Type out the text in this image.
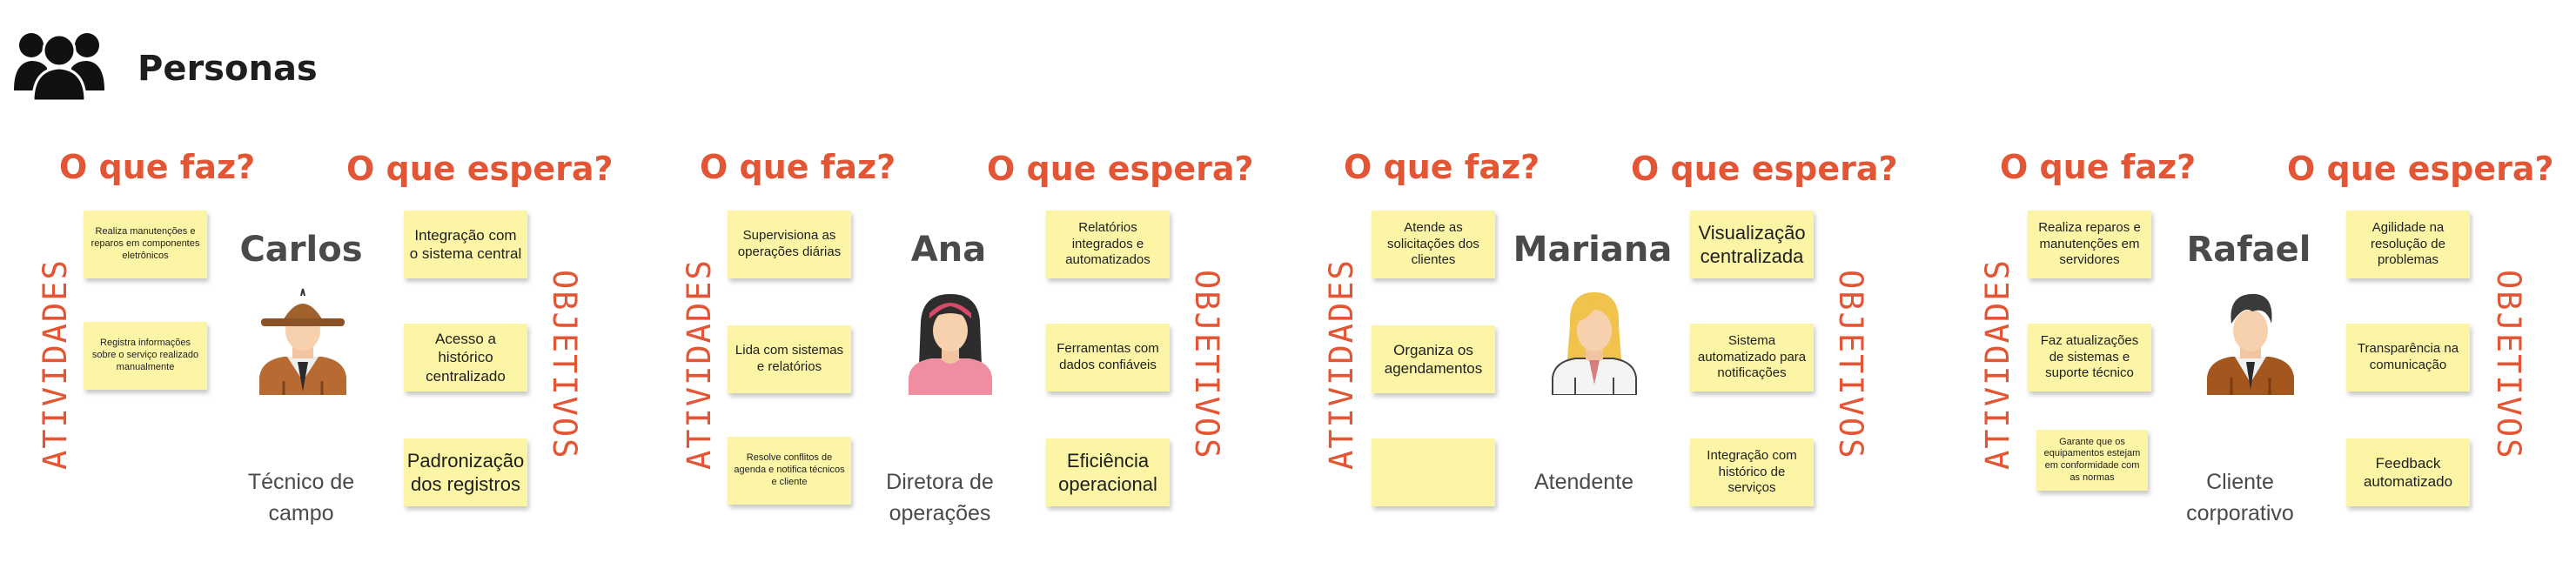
Personas
O que faz?	O que espera?
ATIVIDADES	OBJETIVOS
Realiza manutenções e reparos em componentes eletrônicos
Registra informações sobre o serviço realizado manualmente
Carlos
Técnico de
campo
Integração com o sistema central
Acesso a histórico centralizado
Padronização dos registros
O que faz?	O que espera?
ATIVIDADES	OBJETIVOS
Supervisiona as operações diárias
Lida com sistemas e relatórios
Resolve conflitos de agenda e notifica técnicos e cliente
Ana
Diretora de
operações
Relatórios integrados e automatizados
Ferramentas com dados confiáveis
Eficiência operacional
O que faz?	O que espera?
ATIVIDADES	OBJETIVOS
Atende as solicitações dos clientes
Organiza os agendamentos
Mariana
Atendente
Visualização centralizada
Sistema automatizado para notificações
Integração com histórico de serviços
O que faz?	O que espera?
ATIVIDADES	OBJETIVOS
Realiza reparos e manutenções em servidores
Faz atualizações de sistemas e suporte técnico
Garante que os equipamentos estejam em conformidade com as normas
Rafael
Cliente
corporativo
Agilidade na resolução de problemas
Transparência na comunicação
Feedback automatizado
